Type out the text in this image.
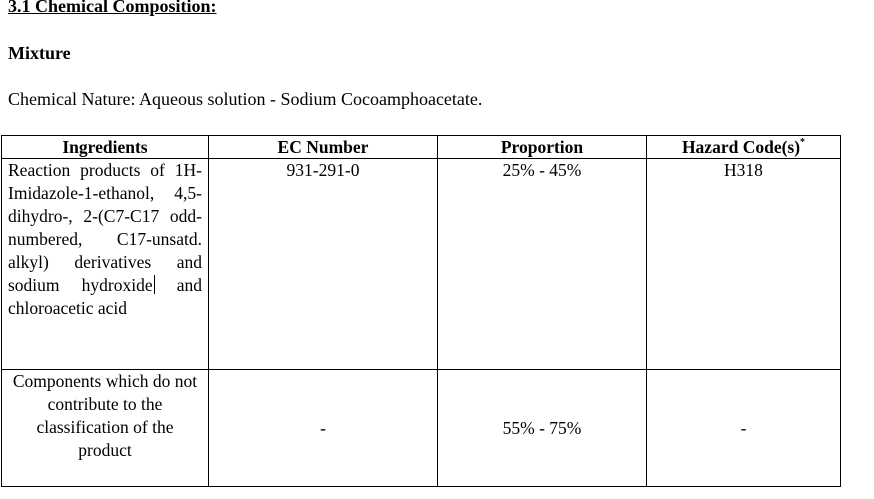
3.1 Chemical Composition:
Mixture

Chemical Nature: Aqueous solution - Sodium Cocoamphoacetate.

Ingredients	EC Number	Proportion	Hazard Code(s)*
Reaction products of 1H-Imidazole-1-ethanol, 4,5-dihydro-, 2-(C7-C17 odd-numbered, C17-unsatd. alkyl) derivatives and sodium hydroxide and chloroacetic acid	931-291-0	25% - 45%	H318
Components which do not contribute to the classification of the product	-	55% - 75%	-
